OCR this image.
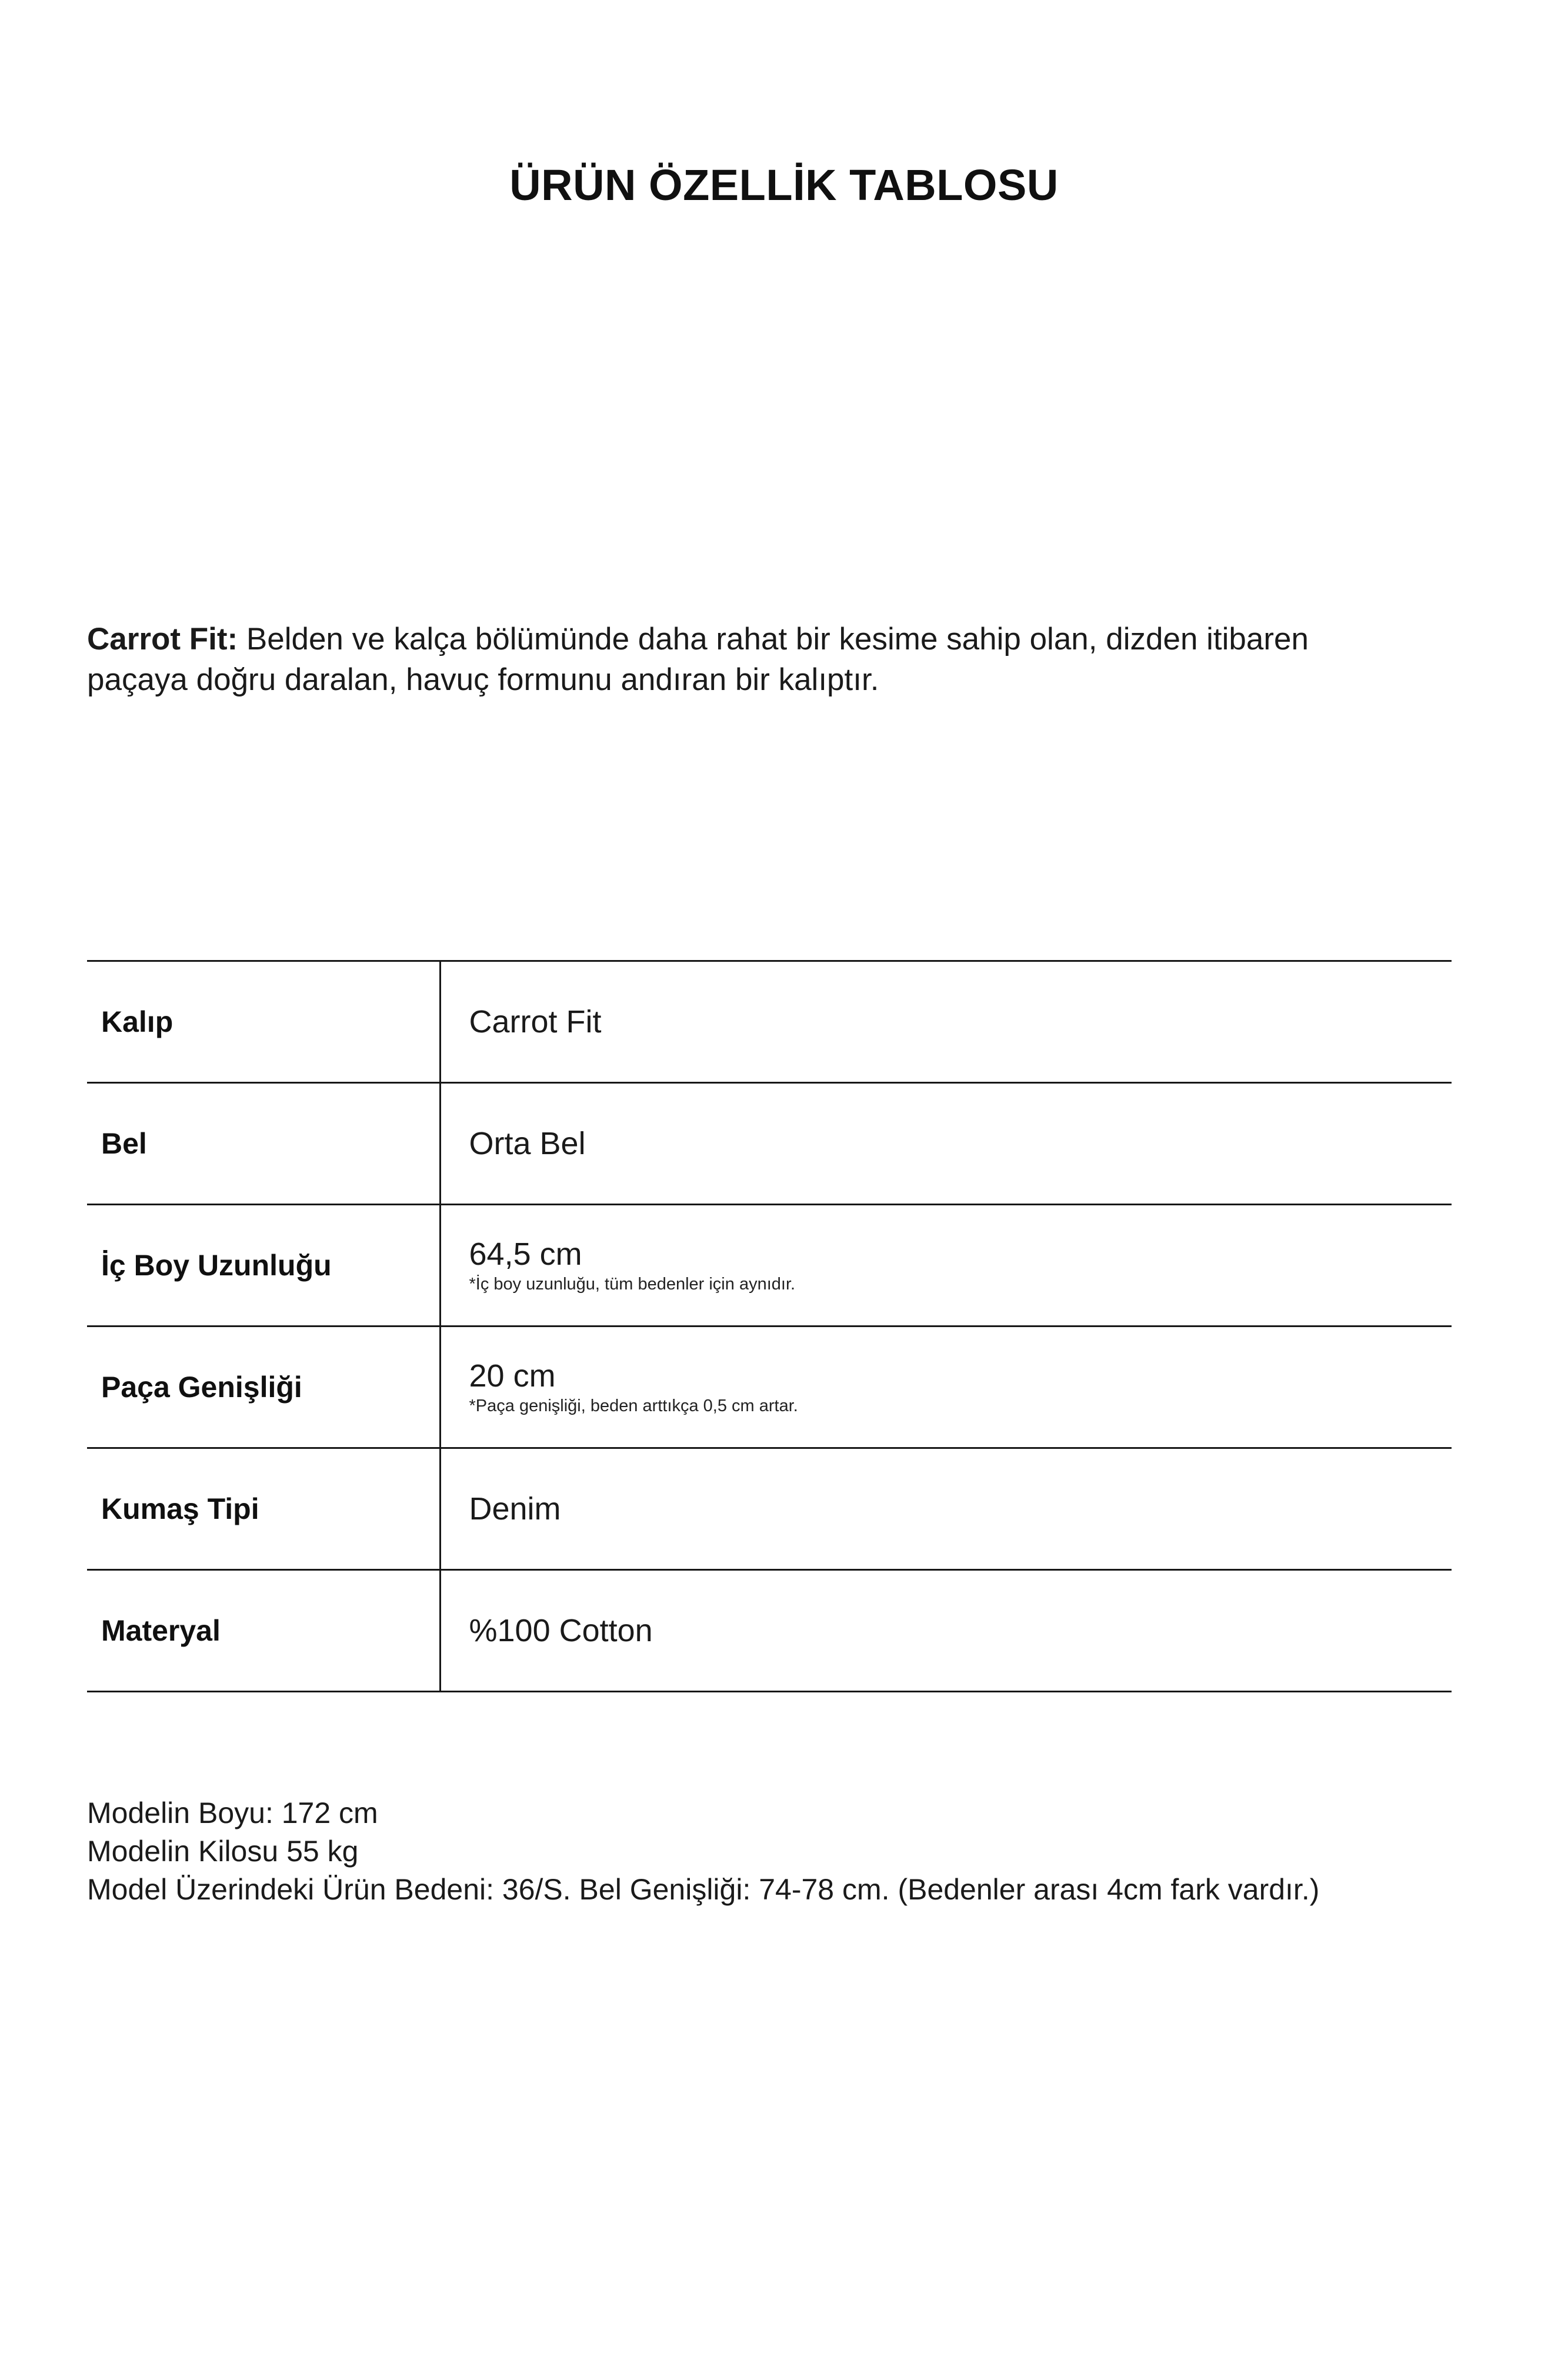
ÜRÜN ÖZELLİK TABLOSU

Carrot Fit: Belden ve kalça bölümünde daha rahat bir kesime sahip olan, dizden itibaren paçaya doğru daralan, havuç formunu andıran bir kalıptır.

Kalıp	Carrot Fit

Bel	Orta Bel

İç Boy Uzunluğu	64,5 cm
*İç boy uzunluğu, tüm bedenler için aynıdır.

Paça Genişliği	20 cm
*Paça genişliği, beden arttıkça 0,5 cm artar.

Kumaş Tipi	Denim

Materyal	%100 Cotton
Modelin Boyu: 172 cm
Modelin Kilosu 55 kg
Model Üzerindeki Ürün Bedeni: 36/S. Bel Genişliği: 74-78 cm. (Bedenler arası 4cm fark vardır.)
